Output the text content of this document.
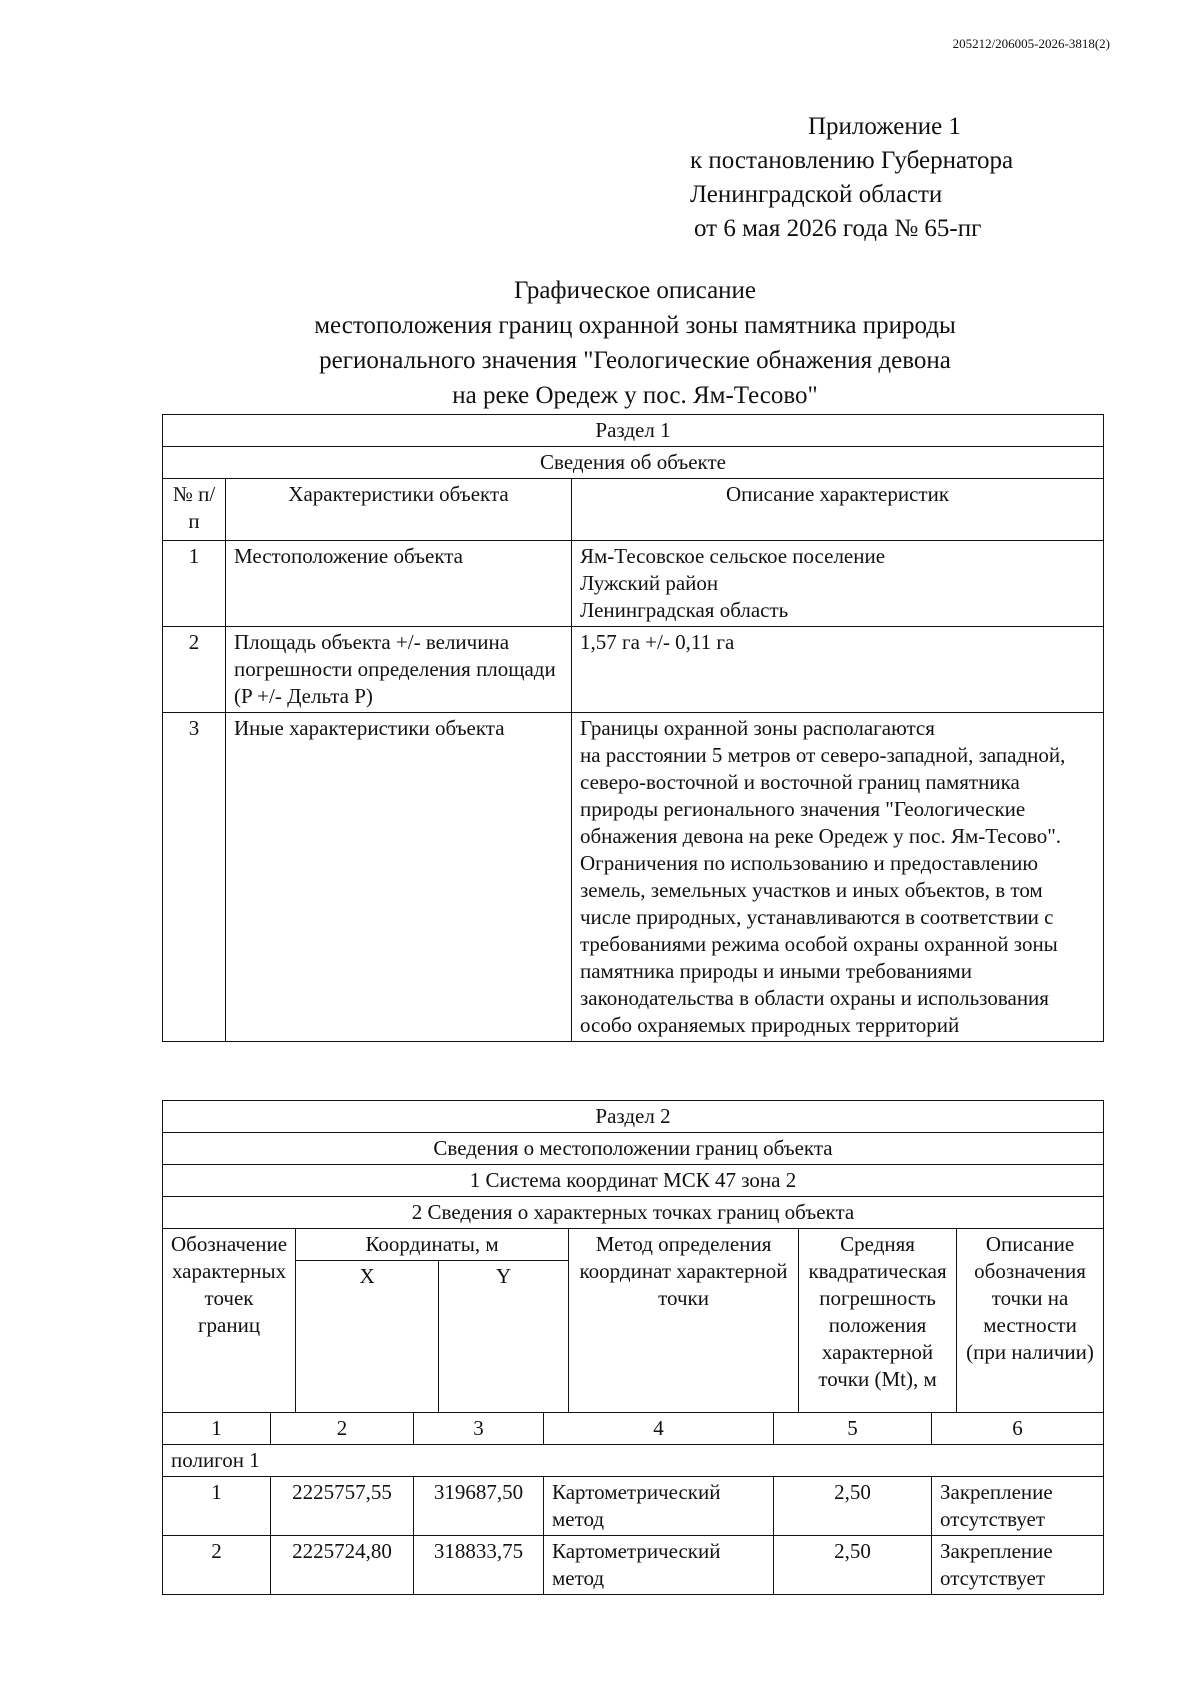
205212/206005-2026-3818(2)
Приложение 1
к постановлению Губернатора
Ленинградской области
от 6 мая 2026 года № 65-пг
Графическое описание
местоположения границ охранной зоны памятника природы
регионального значения "Геологические обнажения девона
на реке Оредеж у пос. Ям-Тесово"
Раздел 1		
Сведения об объекте		
№ п/п	Характеристики объекта	Описание характеристик
1	Местоположение объекта	Ям-Тесовское сельское поселение
Лужский район
Ленинградская область
2	Площадь объекта +/- величина погрешности определения площади (P +/- Дельта P)	1,57 га +/- 0,11 га
3	Иные характеристики объекта	Границы охранной зоны располагаются
на расстоянии 5 метров от северо-западной, западной, северо-восточной и восточной границ памятника природы регионального значения "Геологические обнажения девона на реке Оредеж у пос. Ям-Тесово".
Ограничения по использованию и предоставлению земель, земельных участков и иных объектов, в том числе природных, устанавливаются в соответствии с требованиями режима особой охраны охранной зоны памятника природы и иными требованиями законодательства в области охраны и использования особо охраняемых природных территорий
Раздел 2					
Сведения о местоположении границ объекта					
1 Система координат МСК 47 зона 2					
2 Сведения о характерных точках границ объекта					
Обозначение характерных точек границ	Координаты, м		Метод определения координат характерной точки	Средняя квадратическая погрешность положения характерной точки (Mt), м	Описание обозначения точки на местности (при наличии)
	X	Y			
1	2	3	4	5	6
полигон 1					
1	2225757,55	319687,50	Картометрический метод	2,50	Закрепление отсутствует
2	2225724,80	318833,75	Картометрический метод	2,50	Закрепление отсутствует
